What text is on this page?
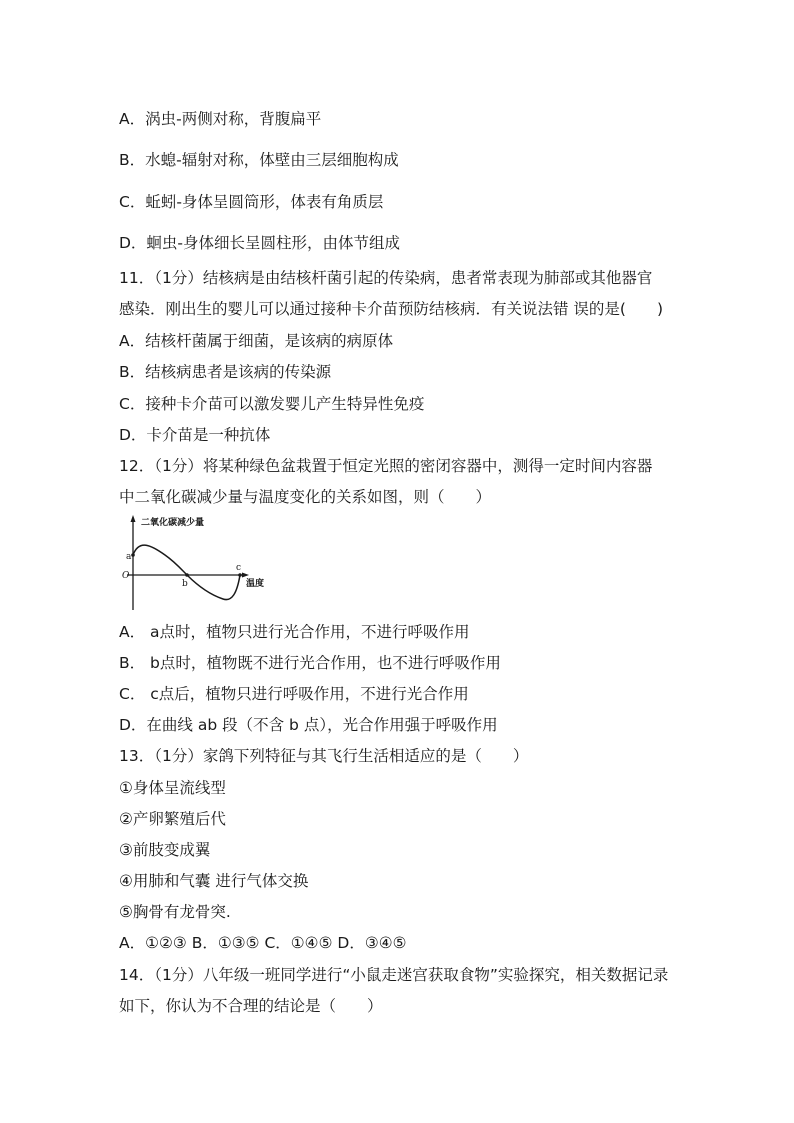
A．涡虫-两侧对称，背腹扁平
B．水螅-辐射对称，体壁由三层细胞构成
C．蚯蚓-身体呈圆筒形，体表有角质层
D．蛔虫-身体细长呈圆柱形，由体节组成
11．（1分）结核病是由结核杆菌引起的传染病，患者常表现为肺部或其他器官
感染．刚出生的婴儿可以通过接种卡介苗预防结核病．有关说法错 误的是(　　)
A．结核杆菌属于细菌，是该病的病原体
B．结核病患者是该病的传染源
C．接种卡介苗可以激发婴儿产生特异性免疫
D．卡介苗是一种抗体
12．（1分）将某种绿色盆栽置于恒定光照的密闭容器中，测得一定时间内容器
中二氧化碳减少量与温度变化的关系如图，则（　　）
二氧化碳减少量
温度
O
a
b
c
A． a点时，植物只进行光合作用，不进行呼吸作用
B． b点时，植物既不进行光合作用，也不进行呼吸作用
C． c点后，植物只进行呼吸作用，不进行光合作用
D．在曲线 ab 段（不含 b 点），光合作用强于呼吸作用
13．（1分）家鸽下列特征与其飞行生活相适应的是（　　）
①身体呈流线型
②产卵繁殖后代
③前肢变成翼
④用肺和气囊 进行气体交换
⑤胸骨有龙骨突.
A．①②③ B．①③⑤ C．①④⑤ D．③④⑤
14．（1分）八年级一班同学进行“小鼠走迷宫获取食物”实验探究，相关数据记录
如下，你认为不合理的结论是（　　）
